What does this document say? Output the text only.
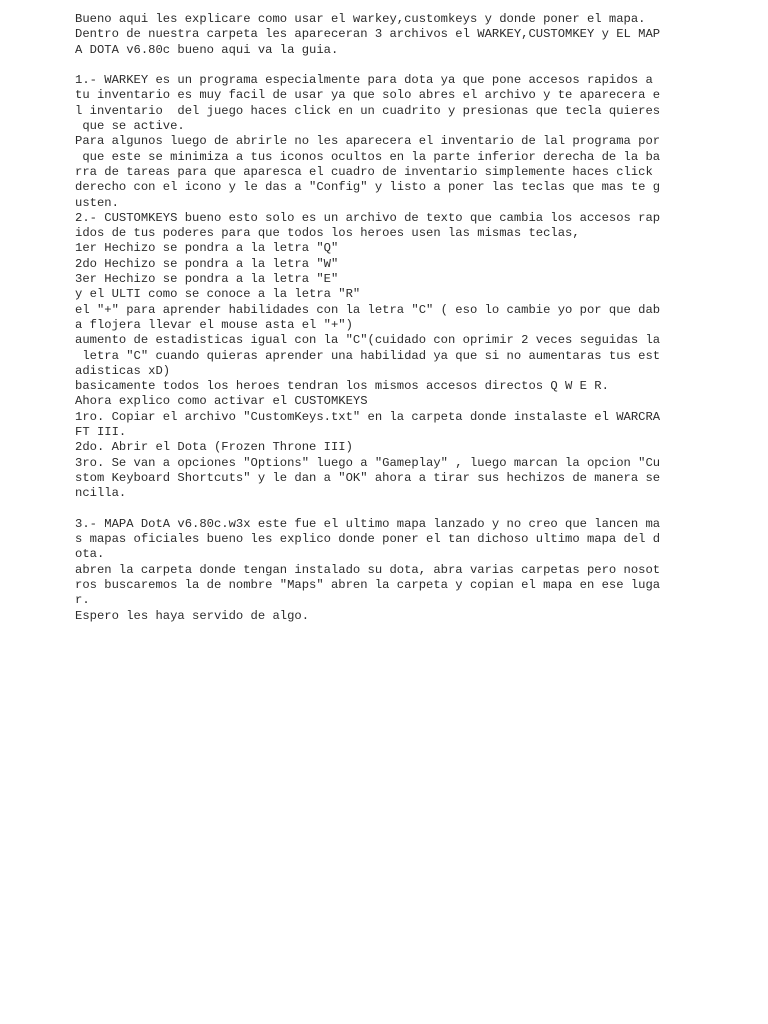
Bueno aqui les explicare como usar el warkey,customkeys y donde poner el mapa.
Dentro de nuestra carpeta les apareceran 3 archivos el WARKEY,CUSTOMKEY y EL MAP
A DOTA v6.80c bueno aqui va la guia.
1.- WARKEY es un programa especialmente para dota ya que pone accesos rapidos a
tu inventario es muy facil de usar ya que solo abres el archivo y te aparecera e
l inventario  del juego haces click en un cuadrito y presionas que tecla quieres
que se active.
Para algunos luego de abrirle no les aparecera el inventario de lal programa por
que este se minimiza a tus iconos ocultos en la parte inferior derecha de la ba
rra de tareas para que aparesca el cuadro de inventario simplemente haces click
derecho con el icono y le das a "Config" y listo a poner las teclas que mas te g
usten.
2.- CUSTOMKEYS bueno esto solo es un archivo de texto que cambia los accesos rap
idos de tus poderes para que todos los heroes usen las mismas teclas,
1er Hechizo se pondra a la letra "Q"
2do Hechizo se pondra a la letra "W"
3er Hechizo se pondra a la letra "E"
y el ULTI como se conoce a la letra "R"
el "+" para aprender habilidades con la letra "C" ( eso lo cambie yo por que dab
a flojera llevar el mouse asta el "+")
aumento de estadisticas igual con la "C"(cuidado con oprimir 2 veces seguidas la
letra "C" cuando quieras aprender una habilidad ya que si no aumentaras tus est
adisticas xD)
basicamente todos los heroes tendran los mismos accesos directos Q W E R.
Ahora explico como activar el CUSTOMKEYS
1ro. Copiar el archivo "CustomKeys.txt" en la carpeta donde instalaste el WARCRA
FT III.
2do. Abrir el Dota (Frozen Throne III)
3ro. Se van a opciones "Options" luego a "Gameplay" , luego marcan la opcion "Cu
stom Keyboard Shortcuts" y le dan a "OK" ahora a tirar sus hechizos de manera se
ncilla.
3.- MAPA DotA v6.80c.w3x este fue el ultimo mapa lanzado y no creo que lancen ma
s mapas oficiales bueno les explico donde poner el tan dichoso ultimo mapa del d
ota.
abren la carpeta donde tengan instalado su dota, abra varias carpetas pero nosot
ros buscaremos la de nombre "Maps" abren la carpeta y copian el mapa en ese luga
r.
Espero les haya servido de algo.
